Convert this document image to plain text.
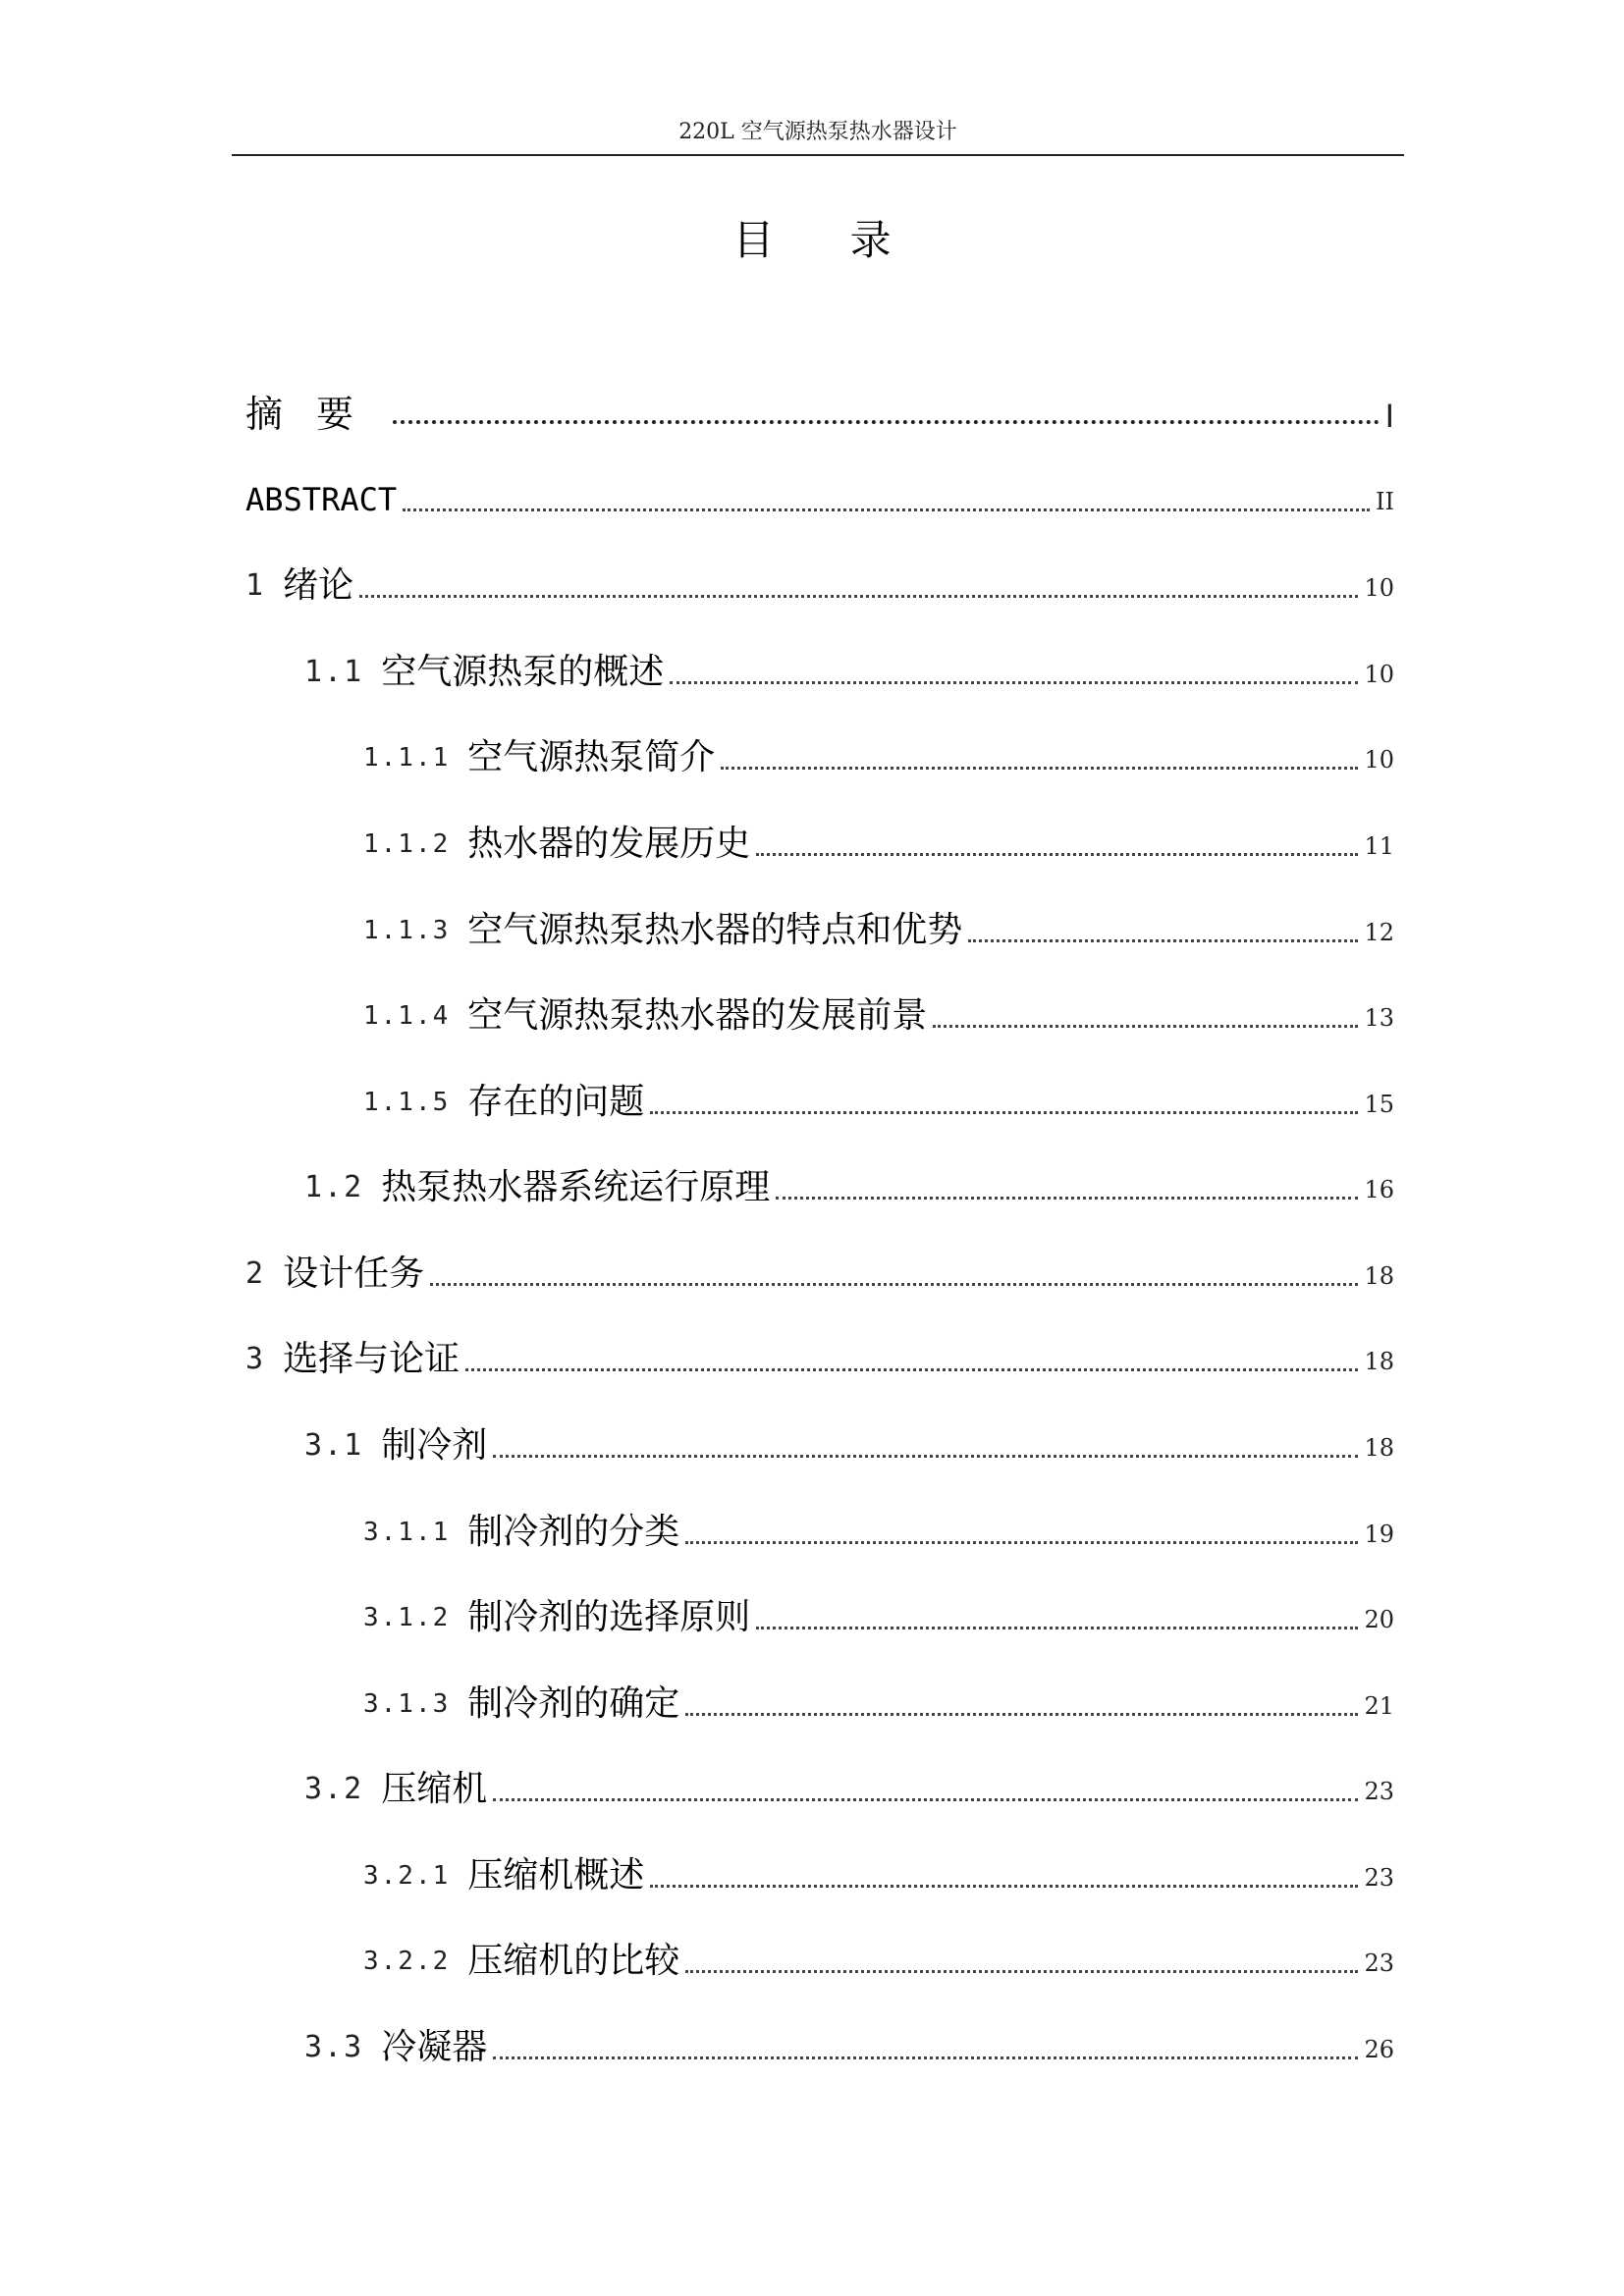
220L 空气源热泵热水器设计
目 录
摘要	I
ABSTRACT	II
1 绪论	10
1.1 空气源热泵的概述	10
1.1.1 空气源热泵简介	10
1.1.2 热水器的发展历史	11
1.1.3 空气源热泵热水器的特点和优势	12
1.1.4 空气源热泵热水器的发展前景	13
1.1.5 存在的问题	15
1.2 热泵热水器系统运行原理	16
2 设计任务	18
3 选择与论证	18
3.1 制冷剂	18
3.1.1 制冷剂的分类	19
3.1.2 制冷剂的选择原则	20
3.1.3 制冷剂的确定	21
3.2 压缩机	23
3.2.1 压缩机概述	23
3.2.2 压缩机的比较	23
3.3 冷凝器	26
